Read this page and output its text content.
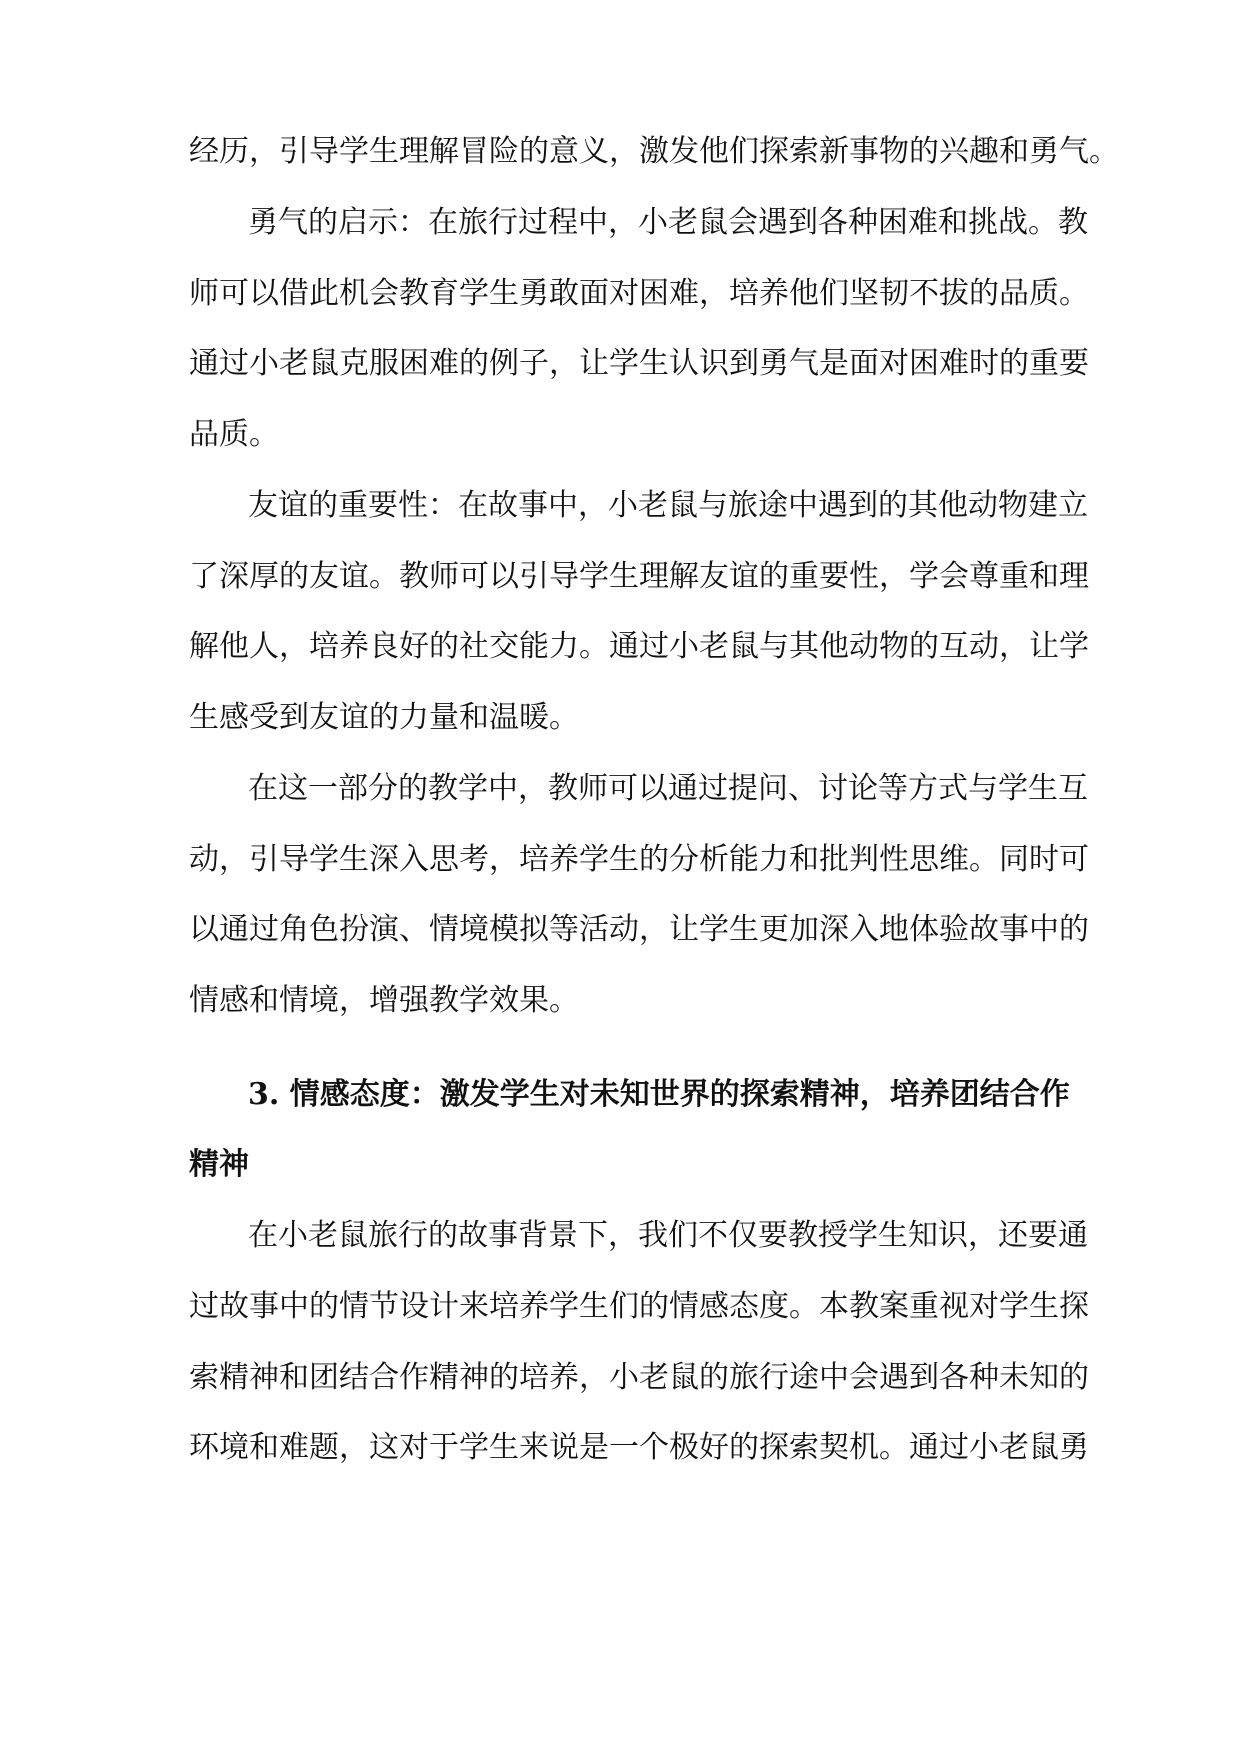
经历，引导学生理解冒险的意义，激发他们探索新事物的兴趣和勇气。
勇气的启示：在旅行过程中，小老鼠会遇到各种困难和挑战。教
师可以借此机会教育学生勇敢面对困难，培养他们坚韧不拔的品质。
通过小老鼠克服困难的例子，让学生认识到勇气是面对困难时的重要
品质。
友谊的重要性：在故事中，小老鼠与旅途中遇到的其他动物建立
了深厚的友谊。教师可以引导学生理解友谊的重要性，学会尊重和理
解他人，培养良好的社交能力。通过小老鼠与其他动物的互动，让学
生感受到友谊的力量和温暖。
在这一部分的教学中，教师可以通过提问、讨论等方式与学生互
动，引导学生深入思考，培养学生的分析能力和批判性思维。同时可
以通过角色扮演、情境模拟等活动，让学生更加深入地体验故事中的
情感和情境，增强教学效果。
3. 情感态度：激发学生对未知世界的探索精神，培养团结合作
精神
在小老鼠旅行的故事背景下，我们不仅要教授学生知识，还要通
过故事中的情节设计来培养学生们的情感态度。本教案重视对学生探
索精神和团结合作精神的培养，小老鼠的旅行途中会遇到各种未知的
环境和难题，这对于学生来说是一个极好的探索契机。通过小老鼠勇
